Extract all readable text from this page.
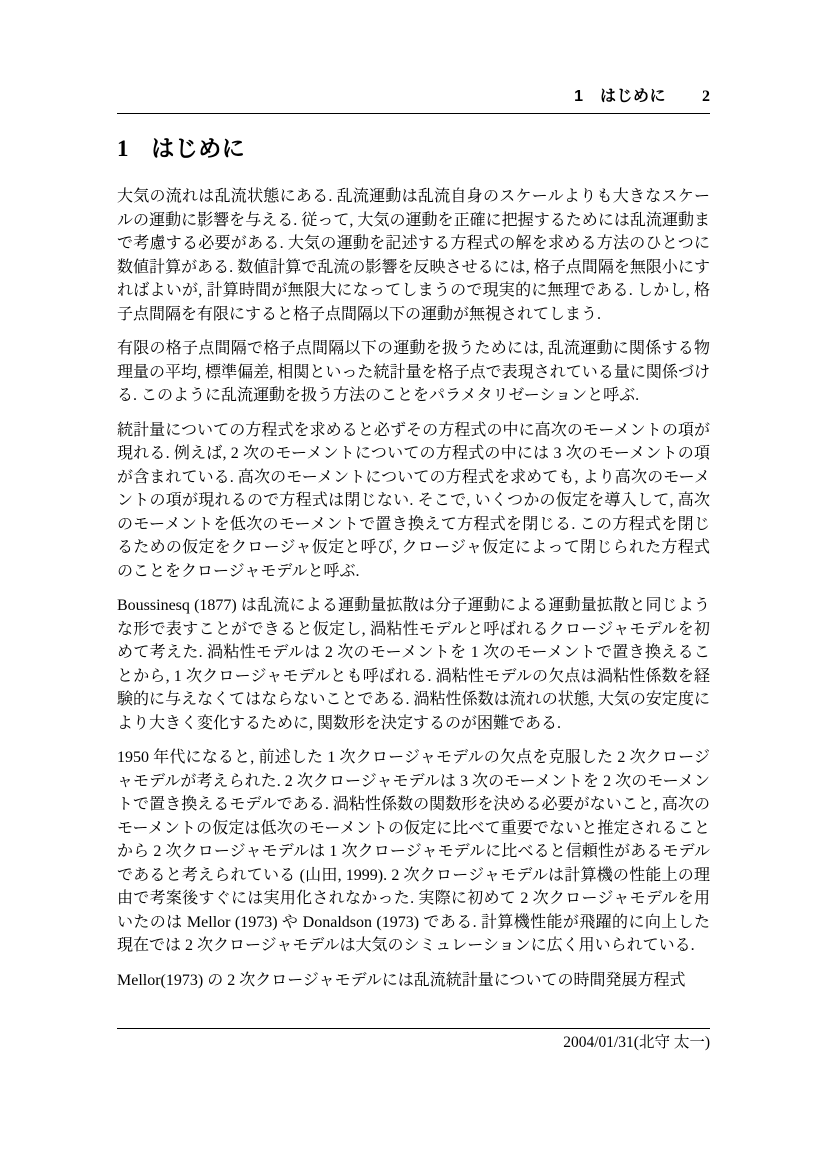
1　はじめに 2
1 はじめに

大気の流れは乱流状態にある. 乱流運動は乱流自身のスケールよりも大きなスケールの運動に影響を与える. 従って, 大気の運動を正確に把握するためには乱流運動まで考慮する必要がある. 大気の運動を記述する方程式の解を求める方法のひとつに数値計算がある. 数値計算で乱流の影響を反映させるには, 格子点間隔を無限小にすればよいが, 計算時間が無限大になってしまうので現実的に無理である. しかし, 格子点間隔を有限にすると格子点間隔以下の運動が無視されてしまう.

有限の格子点間隔で格子点間隔以下の運動を扱うためには, 乱流運動に関係する物理量の平均, 標準偏差, 相関といった統計量を格子点で表現されている量に関係づける. このように乱流運動を扱う方法のことをパラメタリゼーションと呼ぶ.

統計量についての方程式を求めると必ずその方程式の中に高次のモーメントの項が現れる. 例えば, 2 次のモーメントについての方程式の中には 3 次のモーメントの項が含まれている. 高次のモーメントについての方程式を求めても, より高次のモーメントの項が現れるので方程式は閉じない. そこで, いくつかの仮定を導入して, 高次のモーメントを低次のモーメントで置き換えて方程式を閉じる. この方程式を閉じるための仮定をクロージャ仮定と呼び, クロージャ仮定によって閉じられた方程式のことをクロージャモデルと呼ぶ.

Boussinesq (1877) は乱流による運動量拡散は分子運動による運動量拡散と同じような形で表すことができると仮定し, 渦粘性モデルと呼ばれるクロージャモデルを初めて考えた. 渦粘性モデルは 2 次のモーメントを 1 次のモーメントで置き換えることから, 1 次クロージャモデルとも呼ばれる. 渦粘性モデルの欠点は渦粘性係数を経験的に与えなくてはならないことである. 渦粘性係数は流れの状態, 大気の安定度により大きく変化するために, 関数形を決定するのが困難である.

1950 年代になると, 前述した 1 次クロージャモデルの欠点を克服した 2 次クロージャモデルが考えられた. 2 次クロージャモデルは 3 次のモーメントを 2 次のモーメントで置き換えるモデルである. 渦粘性係数の関数形を決める必要がないこと, 高次のモーメントの仮定は低次のモーメントの仮定に比べて重要でないと推定されることから 2 次クロージャモデルは 1 次クロージャモデルに比べると信頼性があるモデルであると考えられている (山田, 1999). 2 次クロージャモデルは計算機の性能上の理由で考案後すぐには実用化されなかった. 実際に初めて 2 次クロージャモデルを用いたのは Mellor (1973) や Donaldson (1973) である. 計算機性能が飛躍的に向上した現在では 2 次クロージャモデルは大気のシミュレーションに広く用いられている.

Mellor(1973) の 2 次クロージャモデルには乱流統計量についての時間発展方程式

2004/01/31(北守 太一)
